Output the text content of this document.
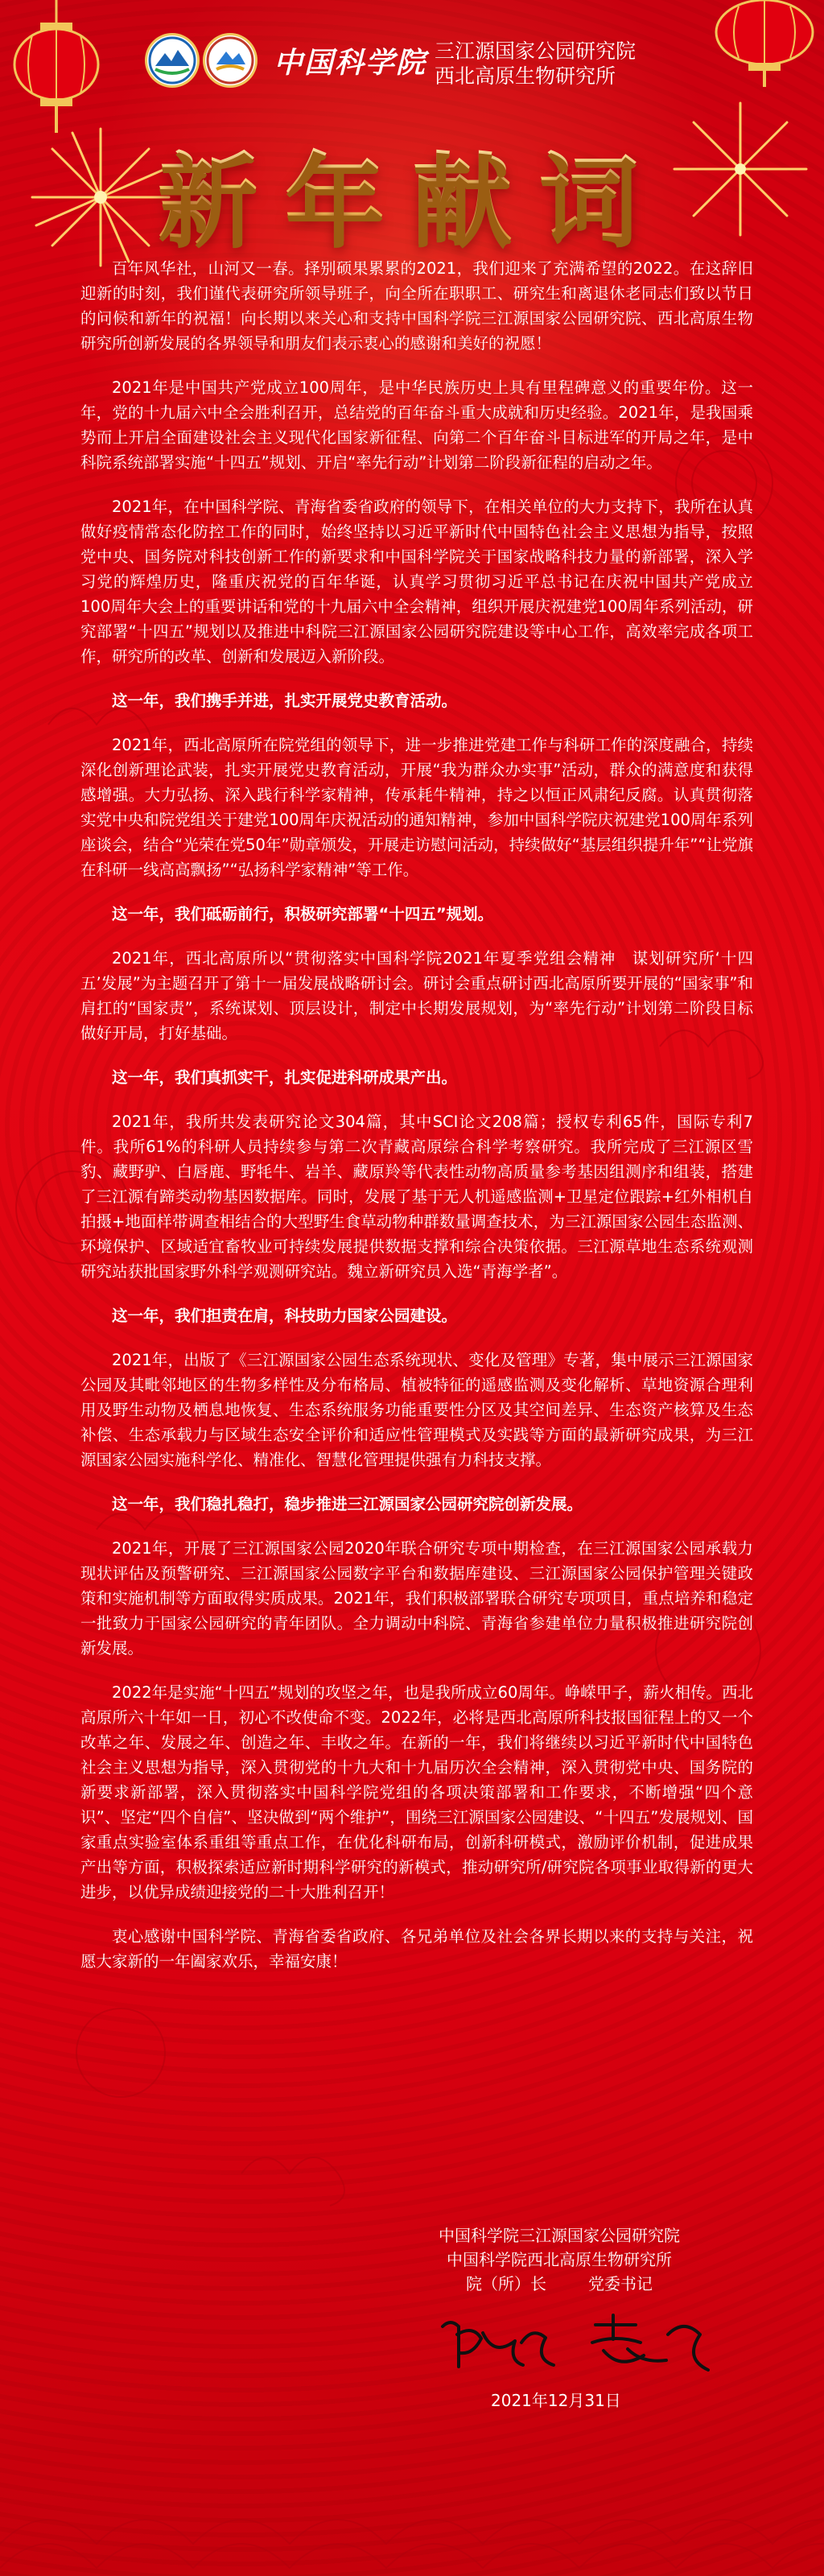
中国科学院 三江源国家公园研究院
西北高原生物研究所
新年献词

百年风华社，山河又一春。择别硕果累累的2021，我们迎来了充满希望的2022。在这辞旧迎新的时刻，我们谨代表研究所领导班子，向全所在职职工、研究生和离退休老同志们致以节日的问候和新年的祝福！向长期以来关心和支持中国科学院三江源国家公园研究院、西北高原生物研究所创新发展的各界领导和朋友们表示衷心的感谢和美好的祝愿！

2021年是中国共产党成立100周年，是中华民族历史上具有里程碑意义的重要年份。这一年，党的十九届六中全会胜利召开，总结党的百年奋斗重大成就和历史经验。2021年，是我国乘势而上开启全面建设社会主义现代化国家新征程、向第二个百年奋斗目标进军的开局之年，是中科院系统部署实施“十四五”规划、开启“率先行动”计划第二阶段新征程的启动之年。

2021年，在中国科学院、青海省委省政府的领导下，在相关单位的大力支持下，我所在认真做好疫情常态化防控工作的同时，始终坚持以习近平新时代中国特色社会主义思想为指导，按照党中央、国务院对科技创新工作的新要求和中国科学院关于国家战略科技力量的新部署，深入学习党的辉煌历史，隆重庆祝党的百年华诞，认真学习贯彻习近平总书记在庆祝中国共产党成立100周年大会上的重要讲话和党的十九届六中全会精神，组织开展庆祝建党100周年系列活动，研究部署“十四五”规划以及推进中科院三江源国家公园研究院建设等中心工作，高效率完成各项工作，研究所的改革、创新和发展迈入新阶段。

这一年，我们携手并进，扎实开展党史教育活动。

2021年，西北高原所在院党组的领导下，进一步推进党建工作与科研工作的深度融合，持续深化创新理论武装，扎实开展党史教育活动，开展“我为群众办实事”活动，群众的满意度和获得感增强。大力弘扬、深入践行科学家精神，传承耗牛精神，持之以恒正风肃纪反腐。认真贯彻落实党中央和院党组关于建党100周年庆祝活动的通知精神，参加中国科学院庆祝建党100周年系列座谈会，结合“光荣在党50年”勋章颁发，开展走访慰问活动，持续做好“基层组织提升年”“让党旗在科研一线高高飘扬”“弘扬科学家精神”等工作。

这一年，我们砥砺前行，积极研究部署“十四五”规划。

2021年，西北高原所以“贯彻落实中国科学院2021年夏季党组会精神　谋划研究所‘十四五’发展”为主题召开了第十一届发展战略研讨会。研讨会重点研讨西北高原所要开展的“国家事”和肩扛的“国家责”，系统谋划、顶层设计，制定中长期发展规划，为“率先行动”计划第二阶段目标做好开局，打好基础。

这一年，我们真抓实干，扎实促进科研成果产出。

2021年，我所共发表研究论文304篇，其中SCI论文208篇；授权专利65件，国际专利7件。我所61%的科研人员持续参与第二次青藏高原综合科学考察研究。我所完成了三江源区雪豹、藏野驴、白唇鹿、野牦牛、岩羊、藏原羚等代表性动物高质量参考基因组测序和组装，搭建了三江源有蹄类动物基因数据库。同时，发展了基于无人机遥感监测+卫星定位跟踪+红外相机自拍摄+地面样带调查相结合的大型野生食草动物种群数量调查技术，为三江源国家公园生态监测、环境保护、区域适宜畜牧业可持续发展提供数据支撑和综合决策依据。三江源草地生态系统观测研究站获批国家野外科学观测研究站。魏立新研究员入选“青海学者”。

这一年，我们担责在肩，科技助力国家公园建设。

2021年，出版了《三江源国家公园生态系统现状、变化及管理》专著，集中展示三江源国家公园及其毗邻地区的生物多样性及分布格局、植被特征的遥感监测及变化解析、草地资源合理利用及野生动物及栖息地恢复、生态系统服务功能重要性分区及其空间差异、生态资产核算及生态补偿、生态承载力与区域生态安全评价和适应性管理模式及实践等方面的最新研究成果，为三江源国家公园实施科学化、精准化、智慧化管理提供强有力科技支撑。

这一年，我们稳扎稳打，稳步推进三江源国家公园研究院创新发展。

2021年，开展了三江源国家公园2020年联合研究专项中期检查，在三江源国家公园承载力现状评估及预警研究、三江源国家公园数字平台和数据库建设、三江源国家公园保护管理关键政策和实施机制等方面取得实质成果。2021年，我们积极部署联合研究专项项目，重点培养和稳定一批致力于国家公园研究的青年团队。全力调动中科院、青海省参建单位力量积极推进研究院创新发展。

2022年是实施“十四五”规划的攻坚之年，也是我所成立60周年。峥嵘甲子，薪火相传。西北高原所六十年如一日，初心不改使命不变。2022年，必将是西北高原所科技报国征程上的又一个改革之年、发展之年、创造之年、丰收之年。在新的一年，我们将继续以习近平新时代中国特色社会主义思想为指导，深入贯彻党的十九大和十九届历次全会精神，深入贯彻党中央、国务院的新要求新部署，深入贯彻落实中国科学院党组的各项决策部署和工作要求，不断增强“四个意识”、坚定“四个自信”、坚决做到“两个维护”，围绕三江源国家公园建设、“十四五”发展规划、国家重点实验室体系重组等重点工作，在优化科研布局，创新科研模式，激励评价机制，促进成果产出等方面，积极探索适应新时期科学研究的新模式，推动研究所/研究院各项事业取得新的更大进步，以优异成绩迎接党的二十大胜利召开！

衷心感谢中国科学院、青海省委省政府、各兄弟单位及社会各界长期以来的支持与关注，祝愿大家新的一年阖家欢乐，幸福安康！

中国科学院三江源国家公园研究院
中国科学院西北高原生物研究所
院（所）长	党委书记
2021年12月31日
